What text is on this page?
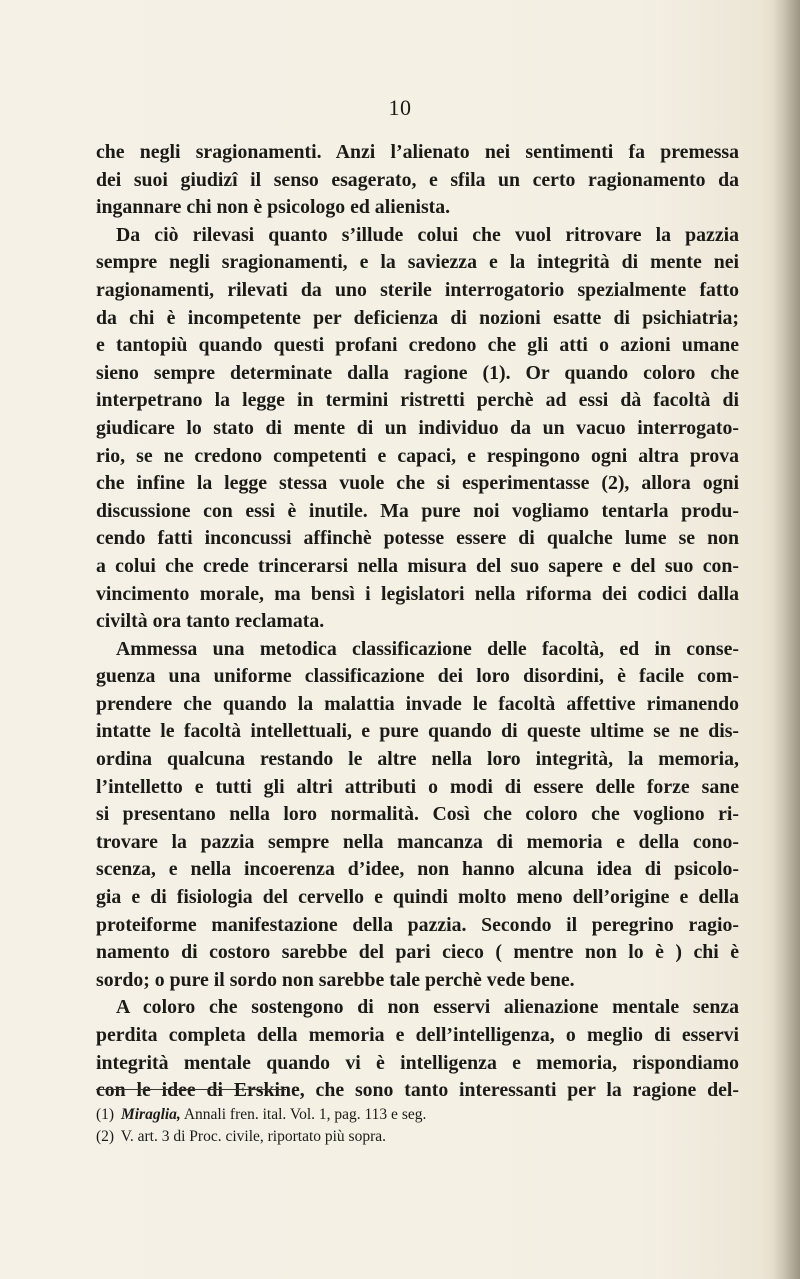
10
che negli sragionamenti. Anzi l’alienato nei sentimenti fa premessa
dei suoi giudizî il senso esagerato, e sfila un certo ragionamento da
ingannare chi non è psicologo ed alienista.
Da ciò rilevasi quanto s’illude colui che vuol ritrovare la pazzia
sempre negli sragionamenti, e la saviezza e la integrità di mente nei
ragionamenti, rilevati da uno sterile interrogatorio spezialmente fatto
da chi è incompetente per deficienza di nozioni esatte di psichiatria;
e tantopiù quando questi profani credono che gli atti o azioni umane
sieno sempre determinate dalla ragione (1). Or quando coloro che
interpetrano la legge in termini ristretti perchè ad essi dà facoltà di
giudicare lo stato di mente di un individuo da un vacuo interrogato-
rio, se ne credono competenti e capaci, e respingono ogni altra prova
che infine la legge stessa vuole che si esperimentasse (2), allora ogni
discussione con essi è inutile. Ma pure noi vogliamo tentarla produ-
cendo fatti inconcussi affinchè potesse essere di qualche lume se non
a colui che crede trincerarsi nella misura del suo sapere e del suo con-
vincimento morale, ma bensì i legislatori nella riforma dei codici dalla
civiltà ora tanto reclamata.
Ammessa una metodica classificazione delle facoltà, ed in conse-
guenza una uniforme classificazione dei loro disordini, è facile com-
prendere che quando la malattia invade le facoltà affettive rimanendo
intatte le facoltà intellettuali, e pure quando di queste ultime se ne dis-
ordina qualcuna restando le altre nella loro integrità, la memoria,
l’intelletto e tutti gli altri attributi o modi di essere delle forze sane
si presentano nella loro normalità. Così che coloro che vogliono ri-
trovare la pazzia sempre nella mancanza di memoria e della cono-
scenza, e nella incoerenza d’idee, non hanno alcuna idea di psicolo-
gia e di fisiologia del cervello e quindi molto meno dell’origine e della
proteiforme manifestazione della pazzia. Secondo il peregrino ragio-
namento di costoro sarebbe del pari cieco ( mentre non lo è ) chi è
sordo; o pure il sordo non sarebbe tale perchè vede bene.
A coloro che sostengono di non esservi alienazione mentale senza
perdita completa della memoria e dell’intelligenza, o meglio di esservi
integrità mentale quando vi è intelligenza e memoria, rispondiamo
con le idee di Erskine, che sono tanto interessanti per la ragione del-
(1) Miraglia, Annali fren. ital. Vol. 1, pag. 113 e seg.
(2) V. art. 3 di Proc. civile, riportato più sopra.
